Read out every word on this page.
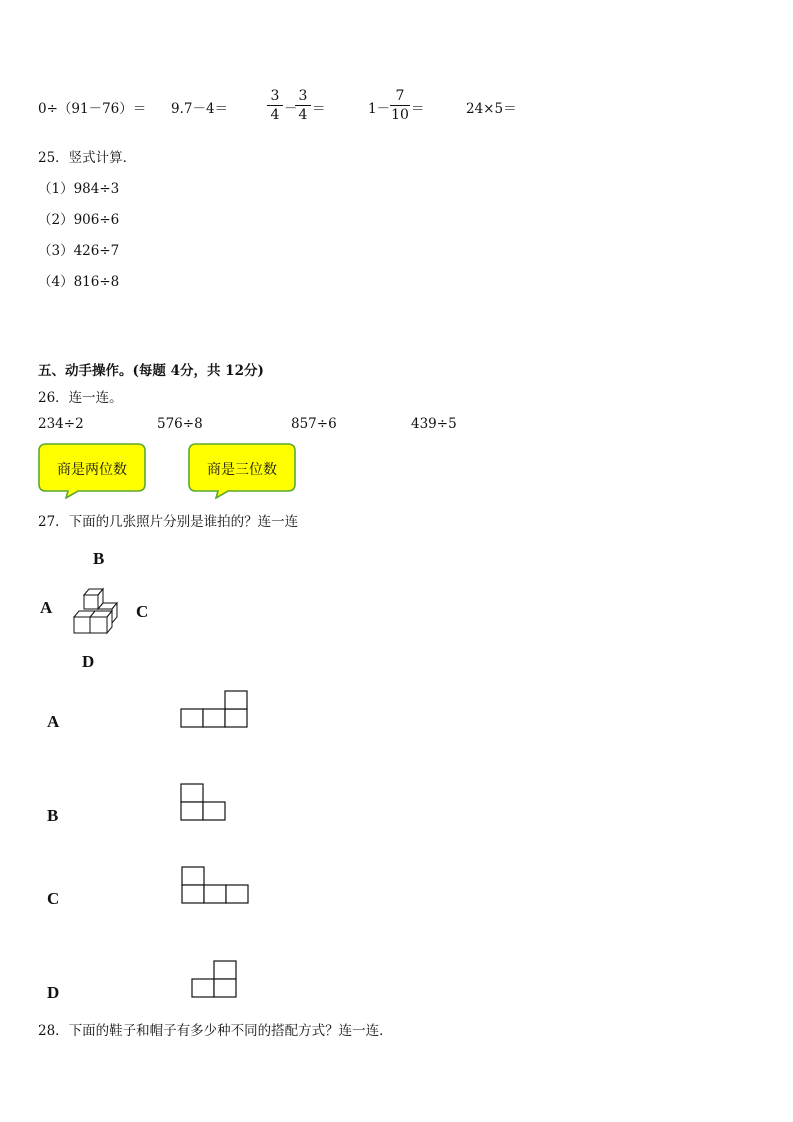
0÷（91－76）＝ 9.7－4＝
3
4 －
3
4 ＝	1－
7
10 ＝	24×5＝
25．竖式计算．
（1）984÷3
（2）906÷6
（3）426÷7
（4）816÷8
五、动手操作。(每题 4分，共 12分)
26．连一连。
234÷2	576÷8	857÷6	439÷5
商是两位数	商是三位数
27．下面的几张照片分别是谁拍的？连一连
B
A	C
D
A
B
C
D
28．下面的鞋子和帽子有多少种不同的搭配方式？连一连．
